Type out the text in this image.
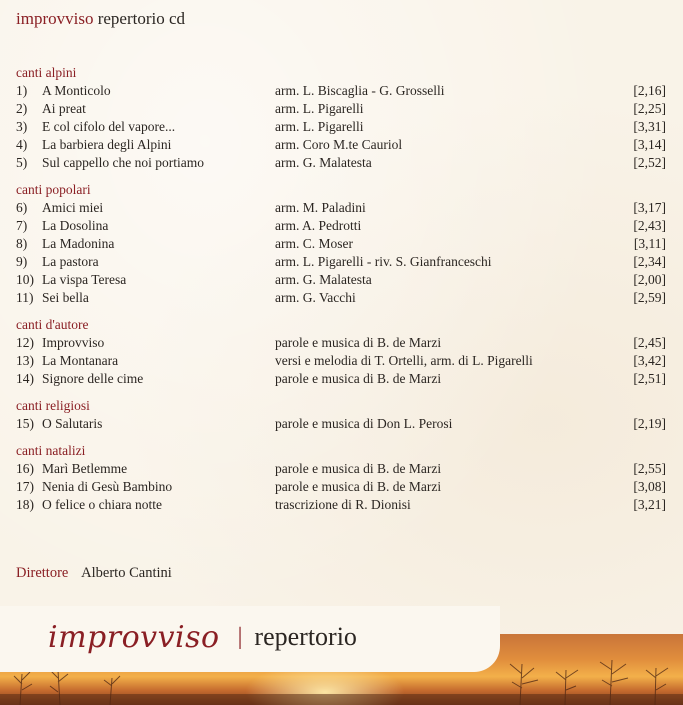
improvviso repertorio cd
canti alpini
1) A Monticolo	arm. L. Biscaglia - G. Grosselli	[2,16]
2) Ai preat	arm. L. Pigarelli	[2,25]
3) E col cifolo del vapore...	arm. L. Pigarelli	[3,31]
4) La barbiera degli Alpini	arm. Coro M.te Cauriol	[3,14]
5) Sul cappello che noi portiamo	arm. G. Malatesta	[2,52]
canti popolari
6) Amici miei	arm. M. Paladini	[3,17]
7) La Dosolina	arm. A. Pedrotti	[2,43]
8) La Madonina	arm. C. Moser	[3,11]
9) La pastora	arm. L. Pigarelli - riv. S. Gianfranceschi	[2,34]
10) La vispa Teresa	arm. G. Malatesta	[2,00]
11) Sei bella	arm. G. Vacchi	[2,59]
canti d'autore
12) Improvviso	parole e musica di B. de Marzi	[2,45]
13) La Montanara	versi e melodia di T. Ortelli, arm. di L. Pigarelli	[3,42]
14) Signore delle cime	parole e musica di B. de Marzi	[2,51]
canti religiosi
15) O Salutaris	parole e musica di Don L. Perosi	[2,19]
canti natalizi
16) Marì Betlemme	parole e musica di B. de Marzi	[2,55]
17) Nenia di Gesù Bambino	parole e musica di B. de Marzi	[3,08]
18) O felice o chiara notte	trascrizione di R. Dionisi	[3,21]
Direttore Alberto Cantini
improvviso | repertorio
